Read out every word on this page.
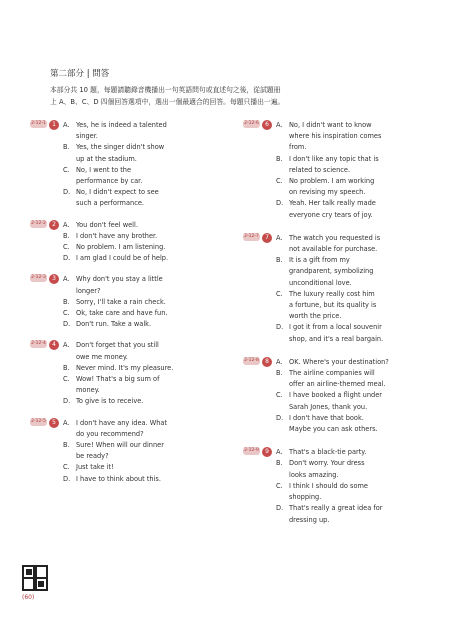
第二部分 | 問答
本部分共 10 題，每題請聽錄音機播出一句英語問句或直述句之後，從試題冊
上 A、B、C、D 四個回答選項中，選出一個最適合的回答。每題只播出一遍。
2-12-1	1	A. Yes, he is indeed a talented
singer.
B. Yes, the singer didn't show
up at the stadium.
C. No, I went to the
performance by car.
D. No, I didn't expect to see
such a performance.
2-12-2	2	A. You don't feel well.
B. I don't have any brother.
C. No problem. I am listening.
D. I am glad I could be of help.
2-12-3	3	A. Why don't you stay a little
longer?
B. Sorry, I'll take a rain check.
C. Ok, take care and have fun.
D. Don't run. Take a walk.
2-12-4	4	A. Don't forget that you still
owe me money.
B. Never mind. It's my pleasure.
C. Wow! That's a big sum of
money.
D. To give is to receive.
2-12-5	5	A. I don't have any idea. What
do you recommend?
B. Sure! When will our dinner
be ready?
C. Just take it!
D. I have to think about this.
2-12-6	6	A. No, I didn't want to know
where his inspiration comes
from.
B. I don't like any topic that is
related to science.
C. No problem. I am working
on revising my speech.
D. Yeah. Her talk really made
everyone cry tears of joy.
2-12-7	7	A. The watch you requested is
not available for purchase.
B. It is a gift from my
grandparent, symbolizing
unconditional love.
C. The luxury really cost him
a fortune, but its quality is
worth the price.
D. I got it from a local souvenir
shop, and it's a real bargain.
2-12-8	8	A. OK. Where's your destination?
B. The airline companies will
offer an airline-themed meal.
C. I have booked a flight under
Sarah Jones, thank you.
D. I don't have that book.
Maybe you can ask others.
2-12-9	9	A. That's a black-tie party.
B. Don't worry. Your dress
looks amazing.
C. I think I should do some
shopping.
D. That's really a great idea for
dressing up.
(60)
